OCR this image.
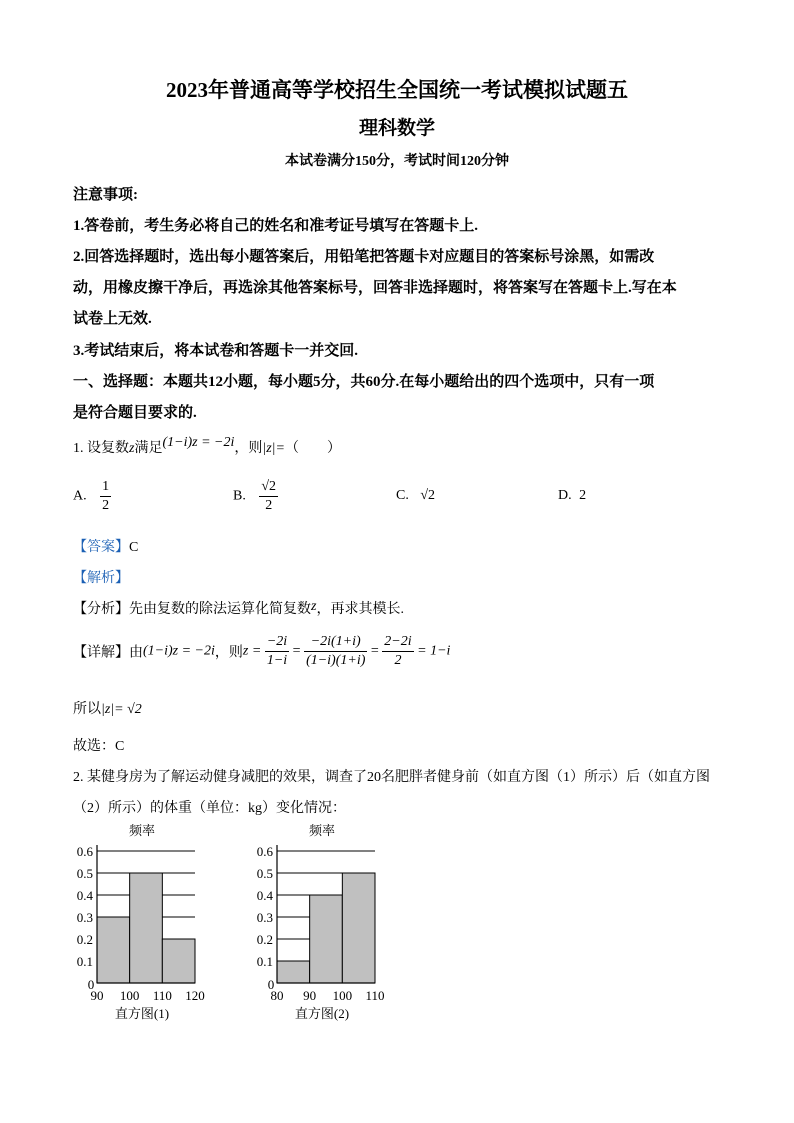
2023年普通高等学校招生全国统一考试模拟试题五
理科数学
本试卷满分150分，考试时间120分钟
注意事项:
1.答卷前，考生务必将自己的姓名和准考证号填写在答题卡上.
2.回答选择题时，选出每小题答案后，用铅笔把答题卡对应题目的答案标号涂黑，如需改
动，用橡皮擦干净后，再选涂其他答案标号，回答非选择题时，将答案写在答题卡上.写在本
试卷上无效.
3.考试结束后，将本试卷和答题卡一并交回.
一、选择题：本题共12小题，每小题5分，共60分.在每小题给出的四个选项中，只有一项
是符合题目要求的.
1. 设复数z满足(1−i)z = −2i，则|z|=（　　）
A. $\frac{1}{2}$	B. $\frac{√2}{2}$	C. √2	D. 2
【答案】C
【解析】
【分析】先由复数的除法运算化简复数z，再求其模长.
【详解】由(1−i)z = −2i，则$z = \frac{-2i}{1-i} = \frac{-2i(1+i)}{(1-i)(1+i)} = \frac{2-2i}{2} = 1-i$
所以|z|= √2
故选：C
2. 某健身房为了解运动健身减肥的效果，调查了20名肥胖者健身前（如直方图（1）所示）后（如直方图
（2）所示）的体重（单位：kg）变化情况：
频率
0.1
0.2
0.3
0.4
0.5
0.6
0
90 100 110 120
直方图(1)
频率
0.1
0.2
0.3
0.4
0.5
0.6
0
80 90 100 110
直方图(2)
